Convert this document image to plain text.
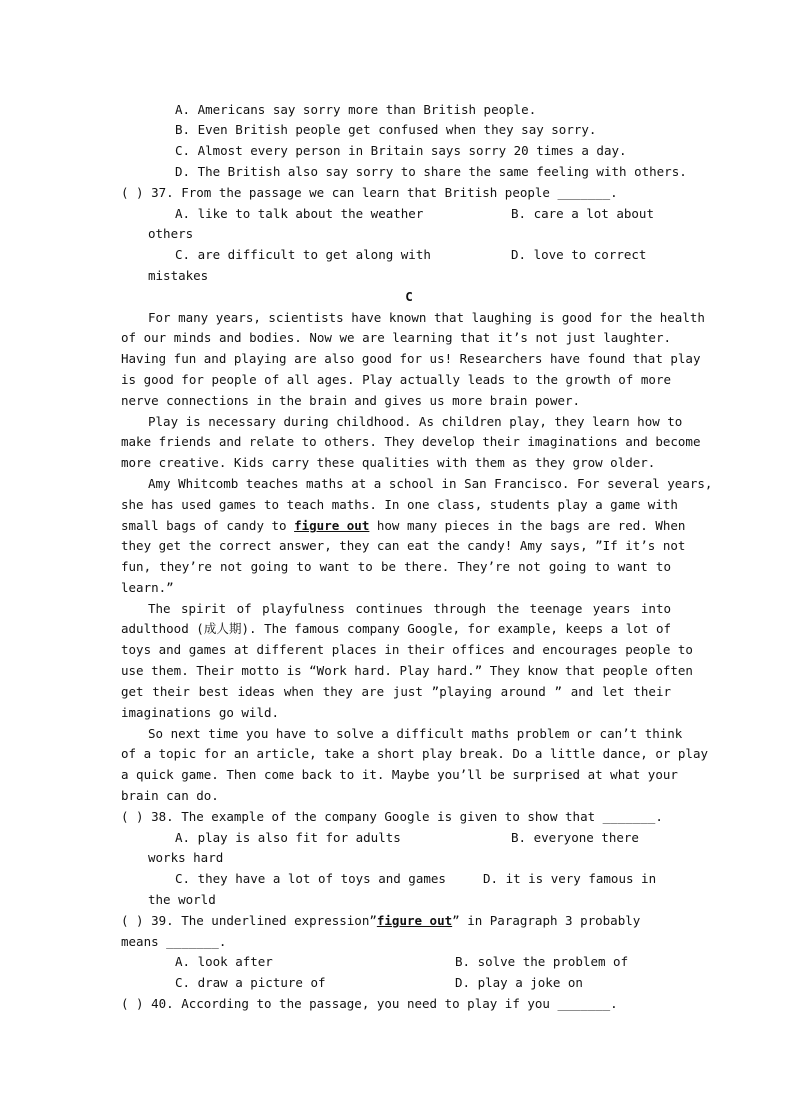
A. Americans say sorry more than British people.
B. Even British people get confused when they say sorry.
C. Almost every person in Britain says sorry 20 times a day.
D. The British also say sorry to share the same feeling with others.
( ) 37. From the passage we can learn that British people _______.
A. like to talk about the weather	B. care a lot about
others
C. are difficult to get along with	D. love to correct
mistakes
C
For many years, scientists have known that laughing is good for the health
of our minds and bodies. Now we are learning that it’s not just laughter.
Having fun and playing are also good for us! Researchers have found that play
is good for people of all ages. Play actually leads to the growth of more
nerve connections in the brain and gives us more brain power.
Play is necessary during childhood. As children play, they learn how to
make friends and relate to others. They develop their imaginations and become
more creative. Kids carry these qualities with them as they grow older.
Amy Whitcomb teaches maths at a school in San Francisco. For several years,
she has used games to teach maths. In one class, students play a game with
small bags of candy to figure out how many pieces in the bags are red. When
they get the correct answer, they can eat the candy! Amy says, ”If it’s not
fun, they’re not going to want to be there. They’re not going to want to
learn.”
The spirit of playfulness continues through the teenage years into
adulthood (成人期). The famous company Google, for example, keeps a lot of
toys and games at different places in their offices and encourages people to
use them. Their motto is “Work hard. Play hard.” They know that people often
get their best ideas when they are just ”playing around ” and let their
imaginations go wild.
So next time you have to solve a difficult maths problem or can’t think
of a topic for an article, take a short play break. Do a little dance, or play
a quick game. Then come back to it. Maybe you’ll be surprised at what your
brain can do.
( ) 38. The example of the company Google is given to show that _______.
A. play is also fit for adults	B. everyone there
works hard
C. they have a lot of toys and games	D. it is very famous in
the world
( ) 39. The underlined expression”figure out” in Paragraph 3 probably
means _______.
A. look after	B. solve the problem of
C. draw a picture of	D. play a joke on
( ) 40. According to the passage, you need to play if you _______.
